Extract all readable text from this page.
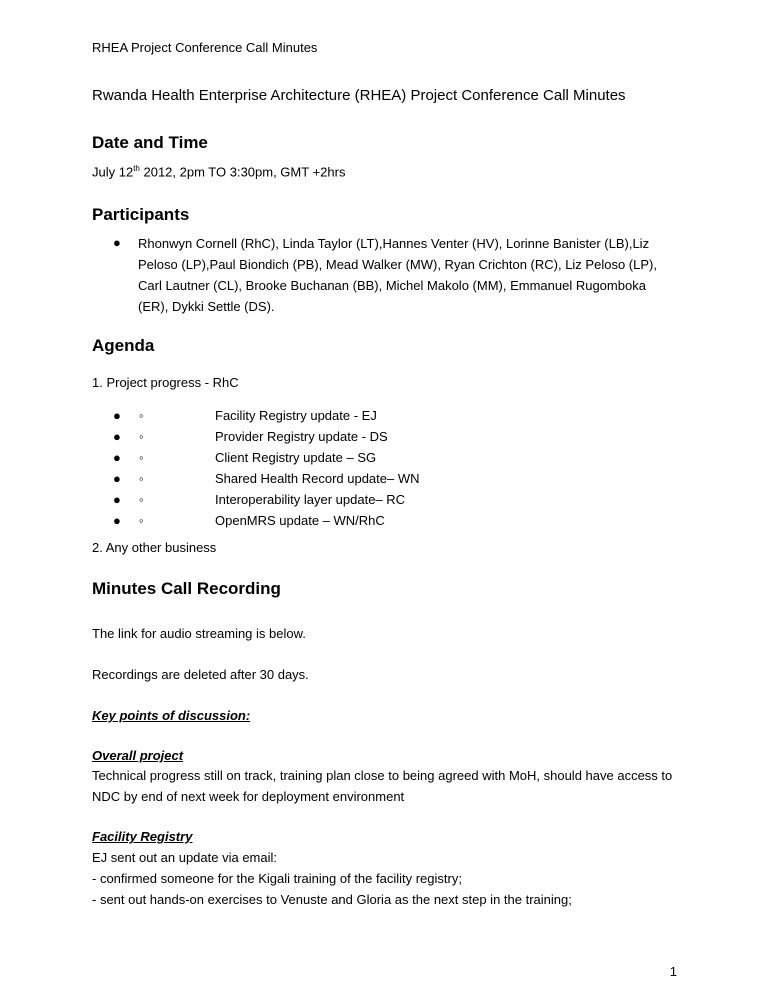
RHEA Project Conference Call Minutes
Rwanda Health Enterprise Architecture (RHEA) Project Conference Call Minutes
Date and Time
July 12th 2012, 2pm TO 3:30pm, GMT +2hrs
Participants
● Rhonwyn Cornell (RhC), Linda Taylor (LT),Hannes Venter (HV), Lorinne Banister (LB),Liz Peloso (LP),Paul Biondich (PB), Mead Walker (MW), Ryan Crichton (RC), Liz Peloso (LP), Carl Lautner (CL), Brooke Buchanan (BB), Michel Makolo (MM), Emmanuel Rugomboka (ER), Dykki Settle (DS).
Agenda
1. Project progress - RhC
● ◦	Facility Registry update - EJ
● ◦	Provider Registry update - DS
● ◦	Client Registry update – SG
● ◦	Shared Health Record update– WN
● ◦	Interoperability layer update– RC
● ◦	OpenMRS update – WN/RhC
2. Any other business
Minutes Call Recording
The link for audio streaming is below.
Recordings are deleted after 30 days.
Key points of discussion:
Overall project
Technical progress still on track, training plan close to being agreed with MoH, should have access to
NDC by end of next week for deployment environment
Facility Registry
EJ sent out an update via email:
- confirmed someone for the Kigali training of the facility registry;
- sent out hands-on exercises to Venuste and Gloria as the next step in the training;
1
